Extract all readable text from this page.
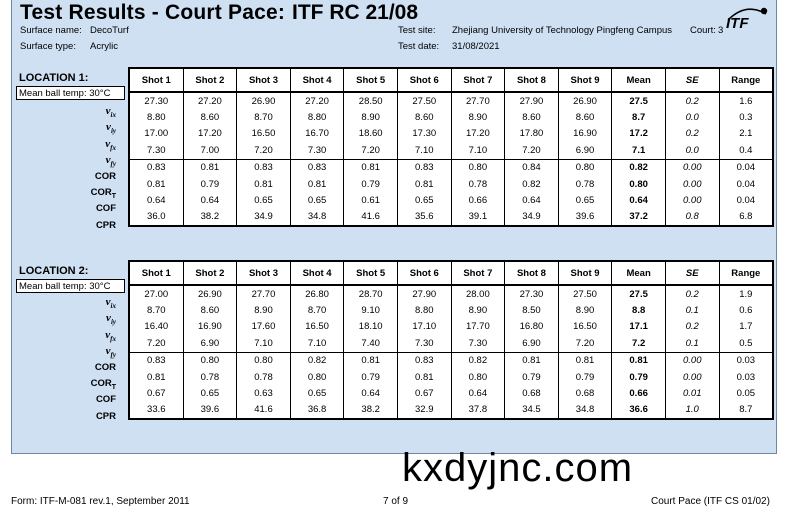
Test Results - Court Pace: ITF RC 21/08	ITF
Surface name: DecoTurf
Surface type: Acrylic
Test site: Zhejiang University of Technology Pingfeng Campus Court: 3
Test date: 31/08/2021
LOCATION 1:
Mean ball temp: 30°C
$v_{ix}$
$v_{iy}$
$v_{fx}$
$v_{fy}$
COR
$COR_T$
COF
CPR
Shot 1	Shot 2	Shot 3	Shot 4	Shot 5	Shot 6	Shot 7	Shot 8	Shot 9	Mean	SE	Range
27.30	27.20	26.90	27.20	28.50	27.50	27.70	27.90	26.90	27.5	0.2	1.6
8.80	8.60	8.70	8.80	8.90	8.60	8.90	8.60	8.60	8.7	0.0	0.3
17.00	17.20	16.50	16.70	18.60	17.30	17.20	17.80	16.90	17.2	0.2	2.1
7.30	7.00	7.20	7.30	7.20	7.10	7.10	7.20	6.90	7.1	0.0	0.4
0.83	0.81	0.83	0.83	0.81	0.83	0.80	0.84	0.80	0.82	0.00	0.04
0.81	0.79	0.81	0.81	0.79	0.81	0.78	0.82	0.78	0.80	0.00	0.04
0.64	0.64	0.65	0.65	0.61	0.65	0.66	0.64	0.65	0.64	0.00	0.04
36.0	38.2	34.9	34.8	41.6	35.6	39.1	34.9	39.6	37.2	0.8	6.8
LOCATION 2:
Mean ball temp: 30°C
$v_{ix}$
$v_{iy}$
$v_{fx}$
$v_{fy}$
COR
$COR_T$
COF
CPR
Shot 1	Shot 2	Shot 3	Shot 4	Shot 5	Shot 6	Shot 7	Shot 8	Shot 9	Mean	SE	Range
27.00	26.90	27.70	26.80	28.70	27.90	28.00	27.30	27.50	27.5	0.2	1.9
8.70	8.60	8.90	8.70	9.10	8.80	8.90	8.50	8.90	8.8	0.1	0.6
16.40	16.90	17.60	16.50	18.10	17.10	17.70	16.80	16.50	17.1	0.2	1.7
7.20	6.90	7.10	7.10	7.40	7.30	7.30	6.90	7.20	7.2	0.1	0.5
0.83	0.80	0.80	0.82	0.81	0.83	0.82	0.81	0.81	0.81	0.00	0.03
0.81	0.78	0.78	0.80	0.79	0.81	0.80	0.79	0.79	0.79	0.00	0.03
0.67	0.65	0.63	0.65	0.64	0.67	0.64	0.68	0.68	0.66	0.01	0.05
33.6	39.6	41.6	36.8	38.2	32.9	37.8	34.5	34.8	36.6	1.0	8.7
kxdyjnc.com
Form: ITF-M-081 rev.1, September 2011	7 of 9	Court Pace (ITF CS 01/02)
